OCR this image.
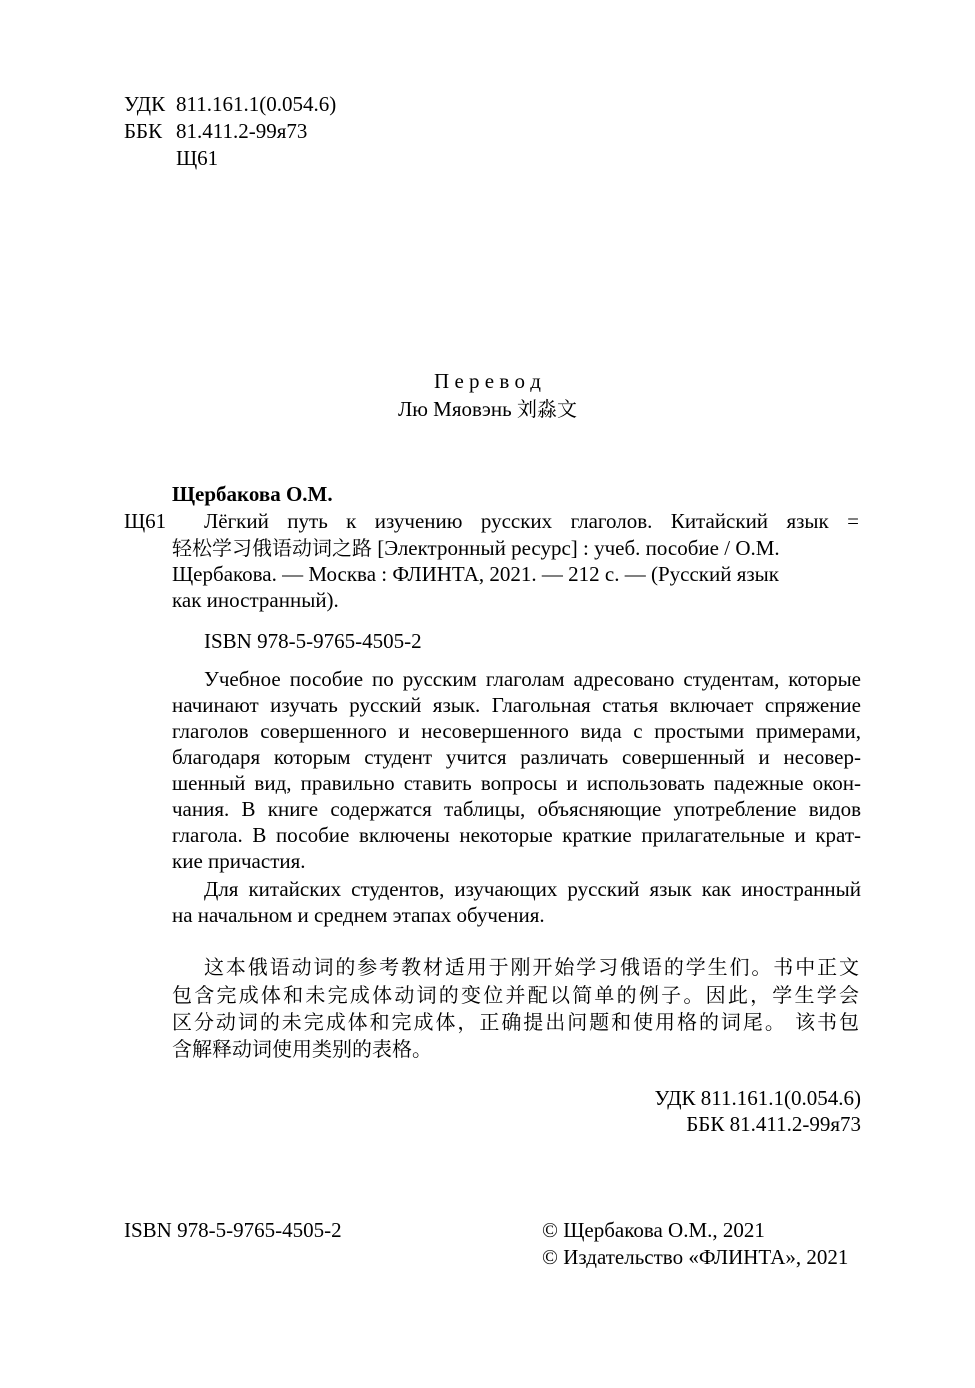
УДК 811.161.1(0.054.6)
ББК 81.411.2-99я73
Щ61
П е р е в о д
Лю Мяовэнь 刘淼文
Щербакова О.М.
Щ61 Лёгкий путь к изучению русских глаголов. Китайский язык =
轻松学习俄语动词之路 [Электронный ресурс] : учеб. пособие / О.М.
Щербакова. — Москва : ФЛИНТА, 2021. — 212 с. — (Русский язык
как иностранный).
ISBN 978-5-9765-4505-2
Учебное пособие по русским глаголам адресовано студентам, которые
начинают изучать русский язык. Глагольная статья включает спряжение
глаголов совершенного и несовершенного вида с простыми примерами,
благодаря которым студент учится различать совершенный и несовер-
шенный вид, правильно ставить вопросы и использовать падежные окон-
чания. В книге содержатся таблицы, объясняющие употребление видов
глагола. В пособие включены некоторые краткие прилагательные и крат-
кие причастия.
Для китайских студентов, изучающих русский язык как иностранный
на начальном и среднем этапах обучения.
这本俄语动词的参考教材适用于刚开始学习俄语的学生们。书中正文
包含完成体和未完成体动词的变位并配以简单的例子。因此，学生学会
区分动词的未完成体和完成体，正确提出问题和使用格的词尾。 该书包
含解释动词使用类别的表格。
УДК 811.161.1(0.054.6)
ББК 81.411.2-99я73
ISBN 978-5-9765-4505-2	© Щербакова О.М., 2021
© Издательство «ФЛИНТА», 2021
